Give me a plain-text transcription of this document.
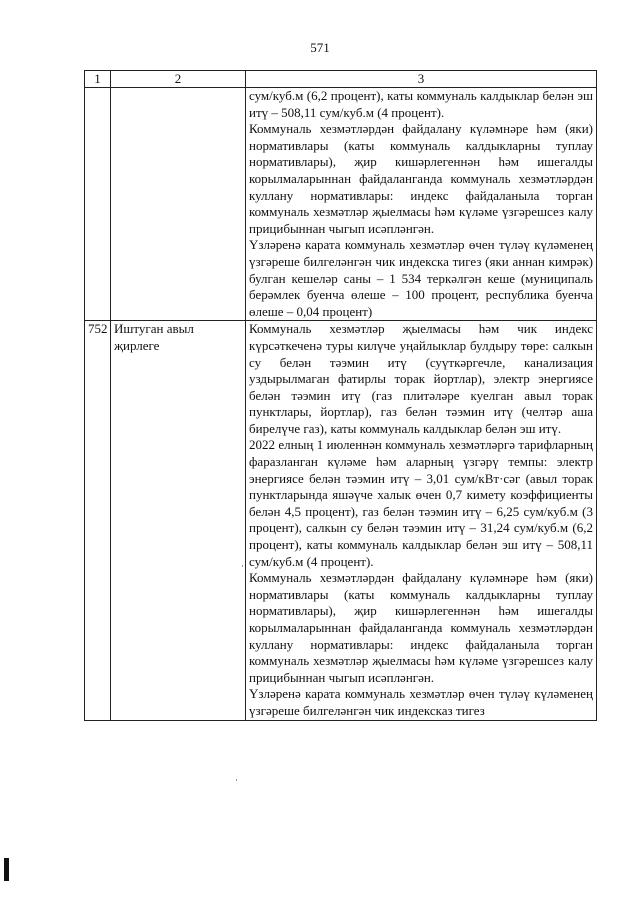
571
1	2	3

		сум/куб.м (6,2 процент), каты коммуналь калдыклар белән эш итү – 508,11 сум/куб.м (4 процент).
Коммуналь хезмәтләрдән файдалану күләмнәре һәм (яки) нормативлары (каты коммуналь калдыкларны туплау нормативлары), җир кишәрлегеннән һәм ишегалды корылмаларыннан файдаланганда коммуналь хезмәтләрдән куллану нормативлары: индекс файдаланыла торган коммуналь хезмәтләр җыелмасы һәм күләме үзгәрешсез калу прицибыннан чыгып исәпләнгән.
Үзләренә карата коммуналь хезмәтләр өчен түләү күләменең үзгәреше билгеләнгән чик индекска тигез (яки аннан кимрәк) булган кешеләр саны – 1 534 теркәлгән кеше (муниципаль берәмлек буенча өлеше – 100 процент, республика буенча өлеше – 0,04 процент)

752	Иштуган авыл җирлеге	Коммуналь хезмәтләр җыелмасы һәм чик индекс күрсәткеченә туры килүче уңайлыклар булдыру төре: салкын су белән тәэмин итү (суүткәргечле, канализация уздырылмаган фатирлы торак йортлар), электр энергиясе белән тәэмин итү (газ плитәләре куелган авыл торак пунктлары, йортлар), газ белән тәэмин итү (челтәр аша бирелүче газ), каты коммуналь калдыклар белән эш итү.
2022 елның 1 июленнән коммуналь хезмәтләргә тарифларның фаразланган күләме һәм аларның үзгәрү темпы: электр энергиясе белән тәэмин итү – 3,01 сум/кВт·сәг (авыл торак пунктларында яшәүче халык өчен 0,7 кимету коэффициенты белән 4,5 процент), газ белән тәэмин итү – 6,25 сум/куб.м (3 процент), салкын су белән тәэмин итү – 31,24 сум/куб.м (6,2 процент), каты коммуналь калдыклар белән эш итү – 508,11 сум/куб.м (4 процент).
Коммуналь хезмәтләрдән файдалану күләмнәре һәм (яки) нормативлары (каты коммуналь калдыкларны туплау нормативлары), җир кишәрлегеннән һәм ишегалды корылмаларыннан файдаланганда коммуналь хезмәтләрдән куллану нормативлары: индекс файдаланыла торган коммуналь хезмәтләр җыелмасы һәм күләме үзгәрешсез калу прицибыннан чыгып исәпләнгән.
Үзләренә карата коммуналь хезмәтләр өчен түләү күләменең үзгәреше билгеләнгән чик индексказ тигез
